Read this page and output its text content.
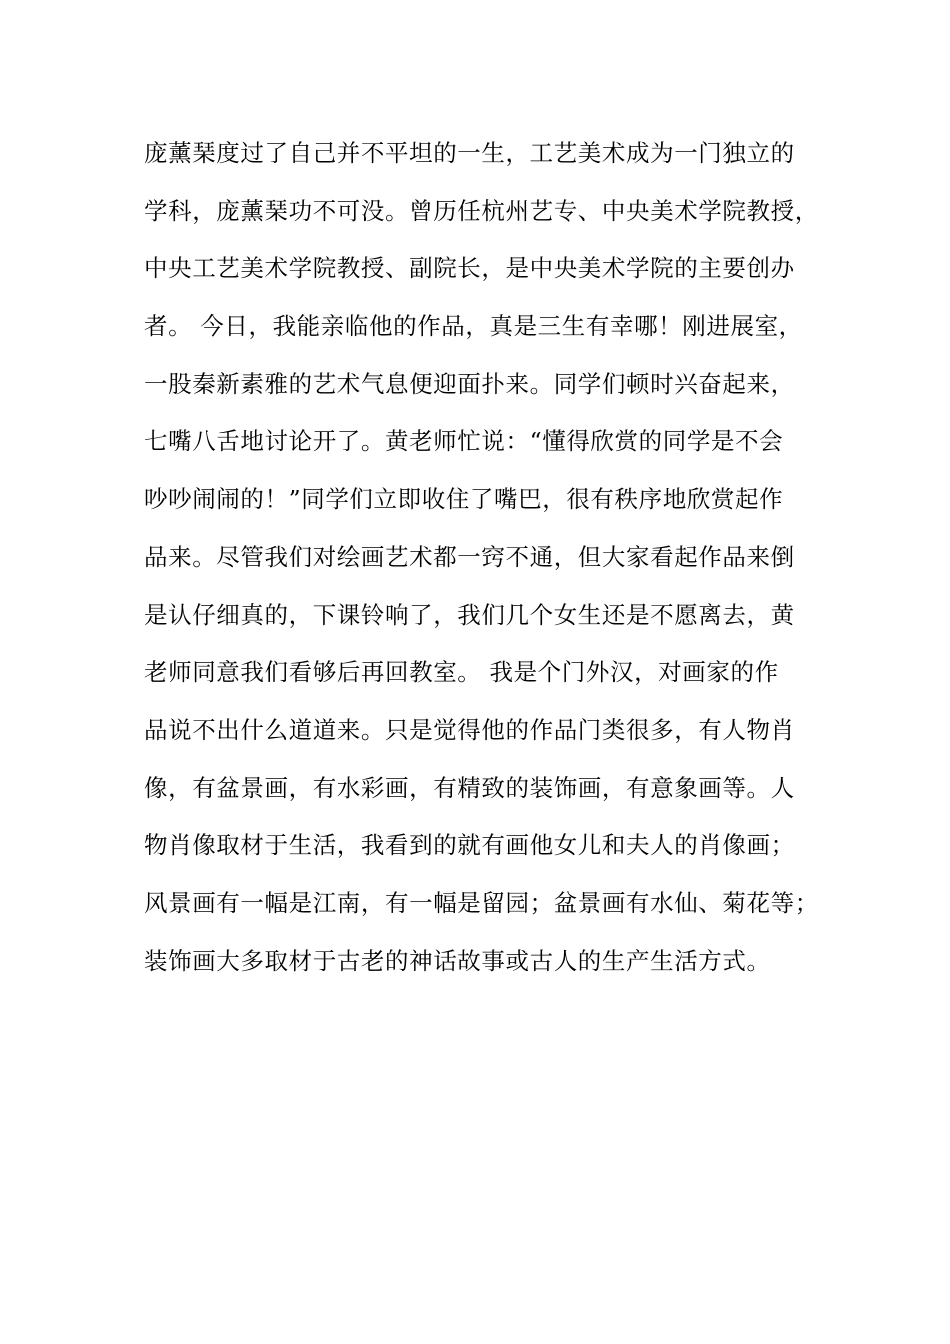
庞薰琹度过了自己并不平坦的一生，工艺美术成为一门独立的
学科，庞薰琹功不可没。曾历任杭州艺专、中央美术学院教授，
中央工艺美术学院教授、副院长，是中央美术学院的主要创办
者。 今日，我能亲临他的作品，真是三生有幸哪！刚进展室，
一股秦新素雅的艺术气息便迎面扑来。同学们顿时兴奋起来，
七嘴八舌地讨论开了。黄老师忙说：“懂得欣赏的同学是不会
吵吵闹闹的！”同学们立即收住了嘴巴，很有秩序地欣赏起作
品来。尽管我们对绘画艺术都一窍不通，但大家看起作品来倒
是认仔细真的，下课铃响了，我们几个女生还是不愿离去，黄
老师同意我们看够后再回教室。 我是个门外汉，对画家的作
品说不出什么道道来。只是觉得他的作品门类很多，有人物肖
像，有盆景画，有水彩画，有精致的装饰画，有意象画等。人
物肖像取材于生活，我看到的就有画他女儿和夫人的肖像画；
风景画有一幅是江南，有一幅是留园；盆景画有水仙、菊花等；
装饰画大多取材于古老的神话故事或古人的生产生活方式。
